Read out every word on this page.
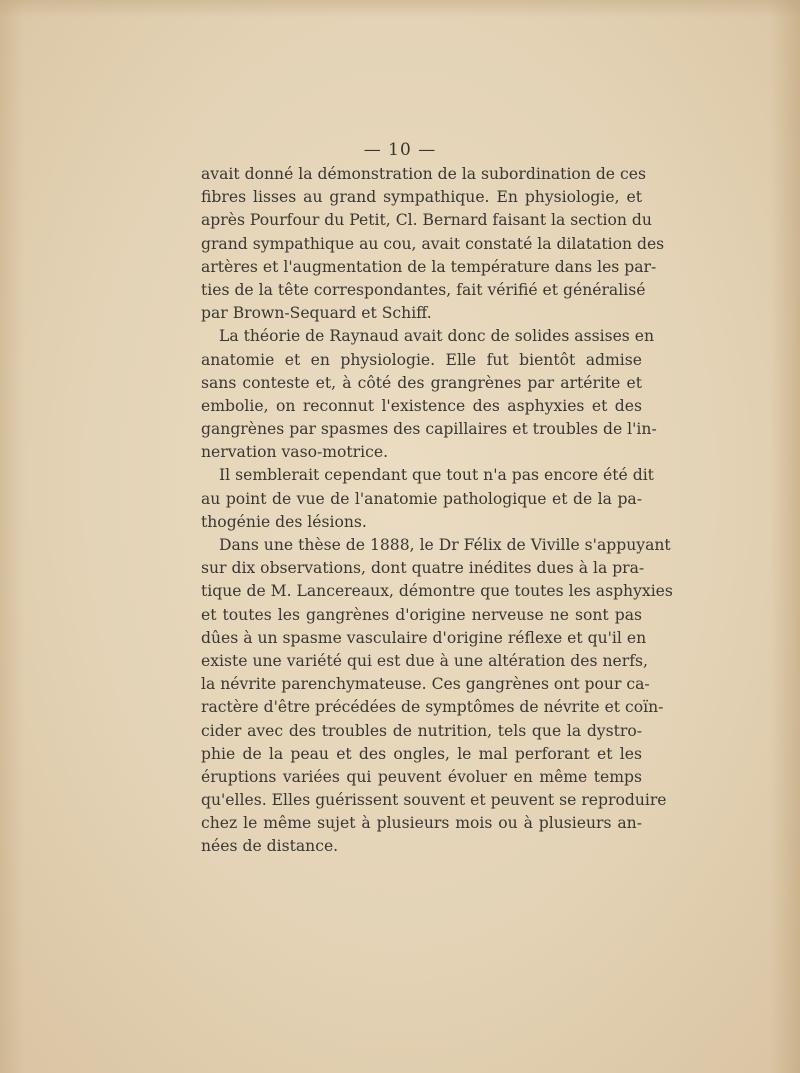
— 10 —
avait donné la démonstration de la subordination de ces
fibres lisses au grand sympathique. En physiologie, et
après Pourfour du Petit, Cl. Bernard faisant la section du
grand sympathique au cou, avait constaté la dilatation des
artères et l'augmentation de la température dans les par-
ties de la tête correspondantes, fait vérifié et généralisé
par Brown-Sequard et Schiff.
La théorie de Raynaud avait donc de solides assises en
anatomie et en physiologie. Elle fut bientôt admise
sans conteste et, à côté des grangrènes par artérite et
embolie, on reconnut l'existence des asphyxies et des
gangrènes par spasmes des capillaires et troubles de l'in-
nervation vaso-motrice.
Il semblerait cependant que tout n'a pas encore été dit
au point de vue de l'anatomie pathologique et de la pa-
thogénie des lésions.
Dans une thèse de 1888, le Dr Félix de Viville s'appuyant
sur dix observations, dont quatre inédites dues à la pra-
tique de M. Lancereaux, démontre que toutes les asphyxies
et toutes les gangrènes d'origine nerveuse ne sont pas
dûes à un spasme vasculaire d'origine réflexe et qu'il en
existe une variété qui est due à une altération des nerfs,
la névrite parenchymateuse. Ces gangrènes ont pour ca-
ractère d'être précédées de symptômes de névrite et coïn-
cider avec des troubles de nutrition, tels que la dystro-
phie de la peau et des ongles, le mal perforant et les
éruptions variées qui peuvent évoluer en même temps
qu'elles. Elles guérissent souvent et peuvent se reproduire
chez le même sujet à plusieurs mois ou à plusieurs an-
nées de distance.
